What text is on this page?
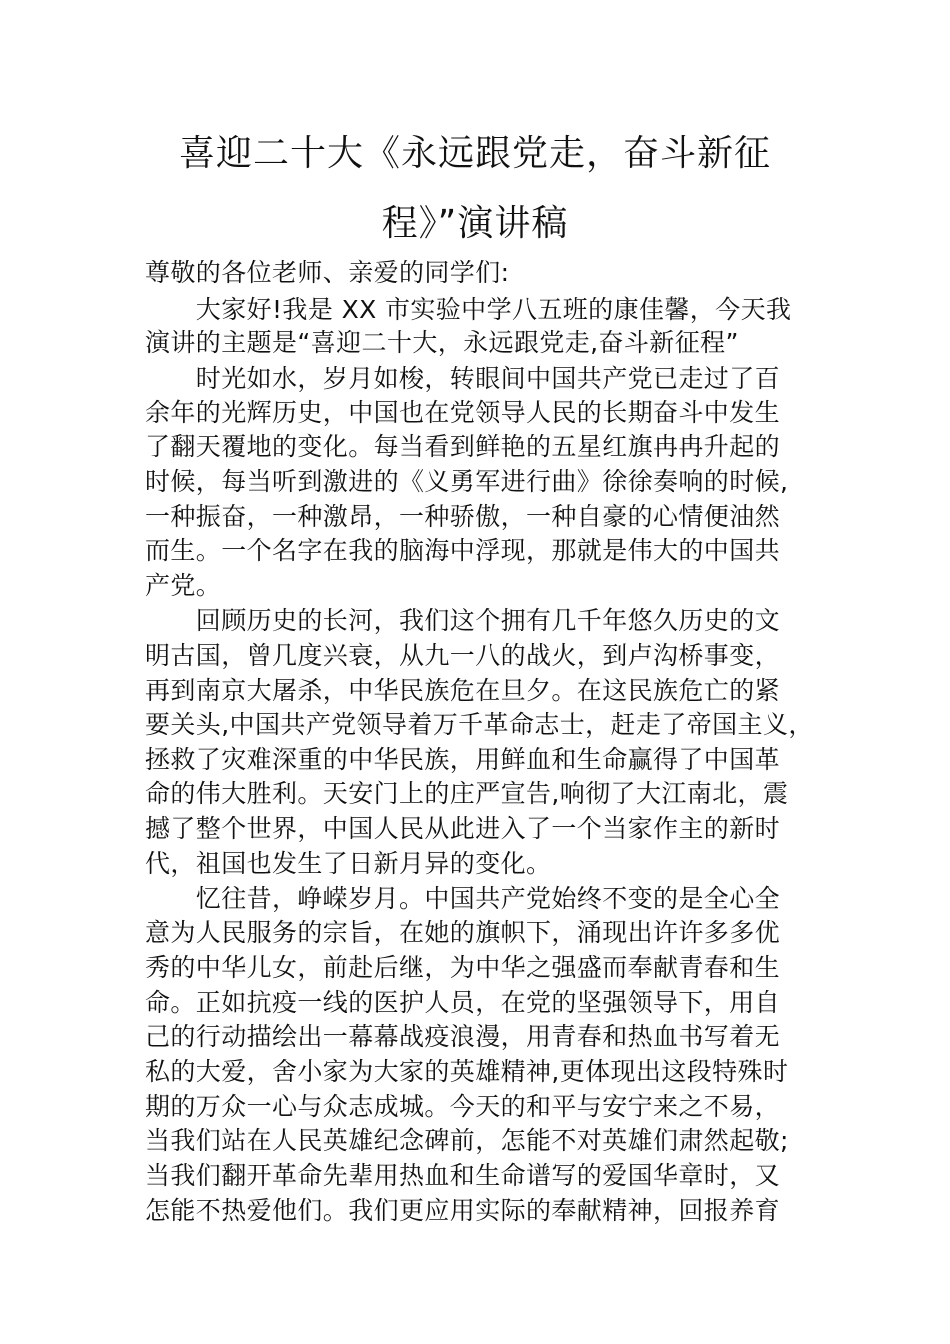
喜迎二十大《永远跟党走，奋斗新征
程》”演讲稿
尊敬的各位老师、亲爱的同学们:
　　大家好!我是 XX 市实验中学八五班的康佳馨，今天我
演讲的主题是“喜迎二十大，永远跟党走,奋斗新征程”
　　时光如水，岁月如梭，转眼间中国共产党已走过了百
余年的光辉历史，中国也在党领导人民的长期奋斗中发生
了翻天覆地的变化。每当看到鲜艳的五星红旗冉冉升起的
时候，每当听到激进的《义勇军进行曲》徐徐奏响的时候,
一种振奋，一种激昂，一种骄傲，一种自豪的心情便油然
而生。一个名字在我的脑海中浮现，那就是伟大的中国共
产党。
　　回顾历史的长河，我们这个拥有几千年悠久历史的文
明古国，曾几度兴衰，从九一八的战火，到卢沟桥事变，
再到南京大屠杀，中华民族危在旦夕。在这民族危亡的紧
要关头,中国共产党领导着万千革命志士，赶走了帝国主义，
拯救了灾难深重的中华民族，用鲜血和生命赢得了中国革
命的伟大胜利。天安门上的庄严宣告,响彻了大江南北，震
撼了整个世界，中国人民从此进入了一个当家作主的新时
代，祖国也发生了日新月异的变化。
　　忆往昔，峥嵘岁月。中国共产党始终不变的是全心全
意为人民服务的宗旨，在她的旗帜下，涌现出许许多多优
秀的中华儿女，前赴后继，为中华之强盛而奉献青春和生
命。正如抗疫一线的医护人员，在党的坚强领导下，用自
己的行动描绘出一幕幕战疫浪漫，用青春和热血书写着无
私的大爱，舍小家为大家的英雄精神,更体现出这段特殊时
期的万众一心与众志成城。今天的和平与安宁来之不易，
当我们站在人民英雄纪念碑前，怎能不对英雄们肃然起敬;
当我们翻开革命先辈用热血和生命谱写的爱国华章时，又
怎能不热爱他们。我们更应用实际的奉献精神，回报养育
